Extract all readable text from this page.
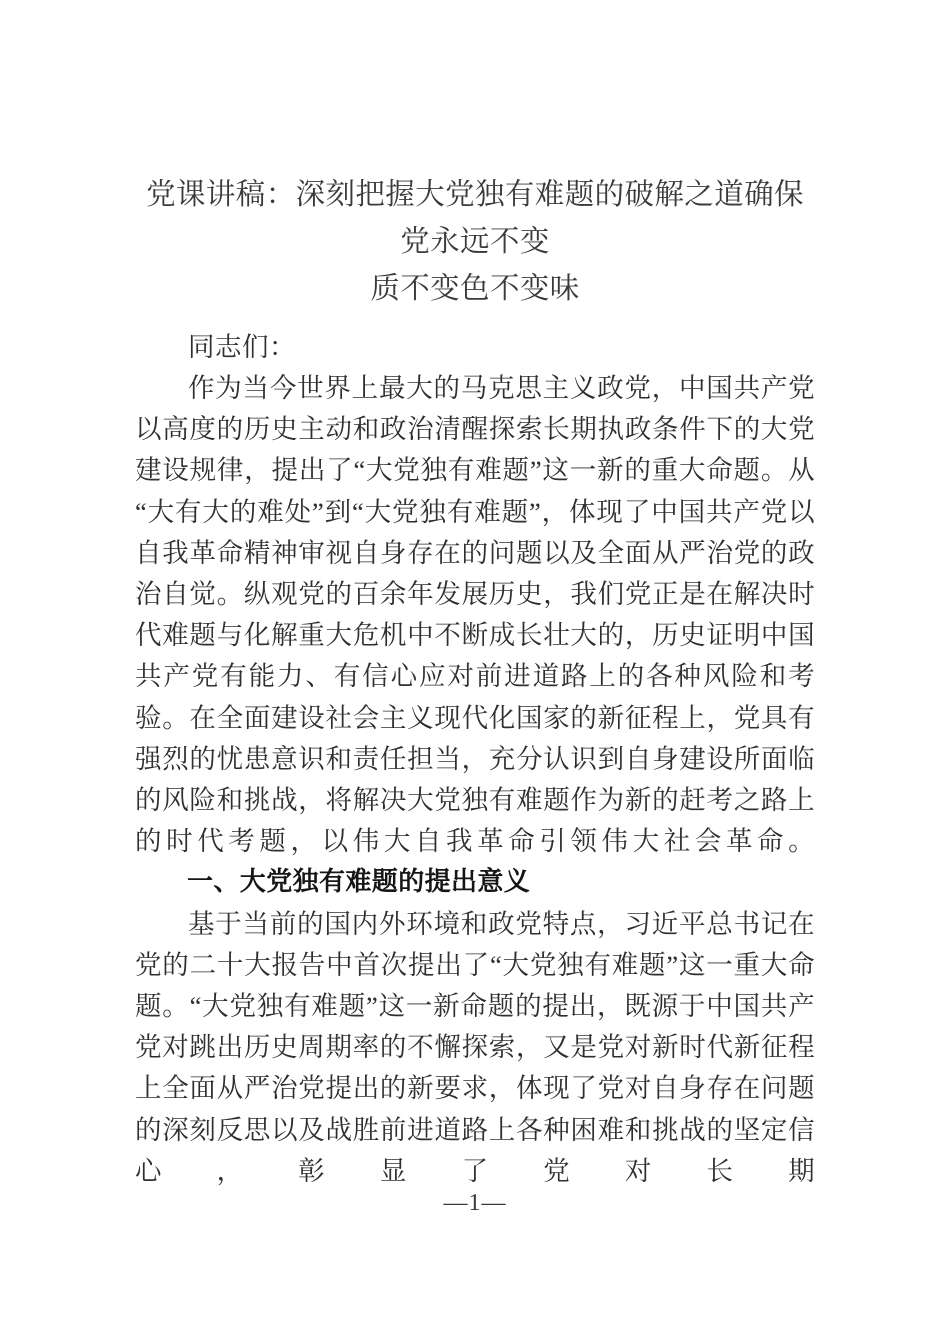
党课讲稿：深刻把握大党独有难题的破解之道确保党永远不变
质不变色不变味

同志们：

作为当今世界上最大的马克思主义政党，中国共产党以高度的历史主动和政治清醒探索长期执政条件下的大党建设规律，提出了“大党独有难题”这一新的重大命题。从“大有大的难处”到“大党独有难题”，体现了中国共产党以自我革命精神审视自身存在的问题以及全面从严治党的政治自觉。纵观党的百余年发展历史，我们党正是在解决时代难题与化解重大危机中不断成长壮大的，历史证明中国共产党有能力、有信心应对前进道路上的各种风险和考验。在全面建设社会主义现代化国家的新征程上，党具有强烈的忧患意识和责任担当，充分认识到自身建设所面临的风险和挑战，将解决大党独有难题作为新的赶考之路上的时代考题，以伟大自我革命引领伟大社会革命。

一、大党独有难题的提出意义

基于当前的国内外环境和政党特点，习近平总书记在党的二十大报告中首次提出了“大党独有难题”这一重大命题。“大党独有难题”这一新命题的提出，既源于中国共产党对跳出历史周期率的不懈探索，又是党对新时代新征程上全面从严治党提出的新要求，体现了党对自身存在问题的深刻反思以及战胜前进道路上各种困难和挑战的坚定信心，彰显了党对长期

—1—
